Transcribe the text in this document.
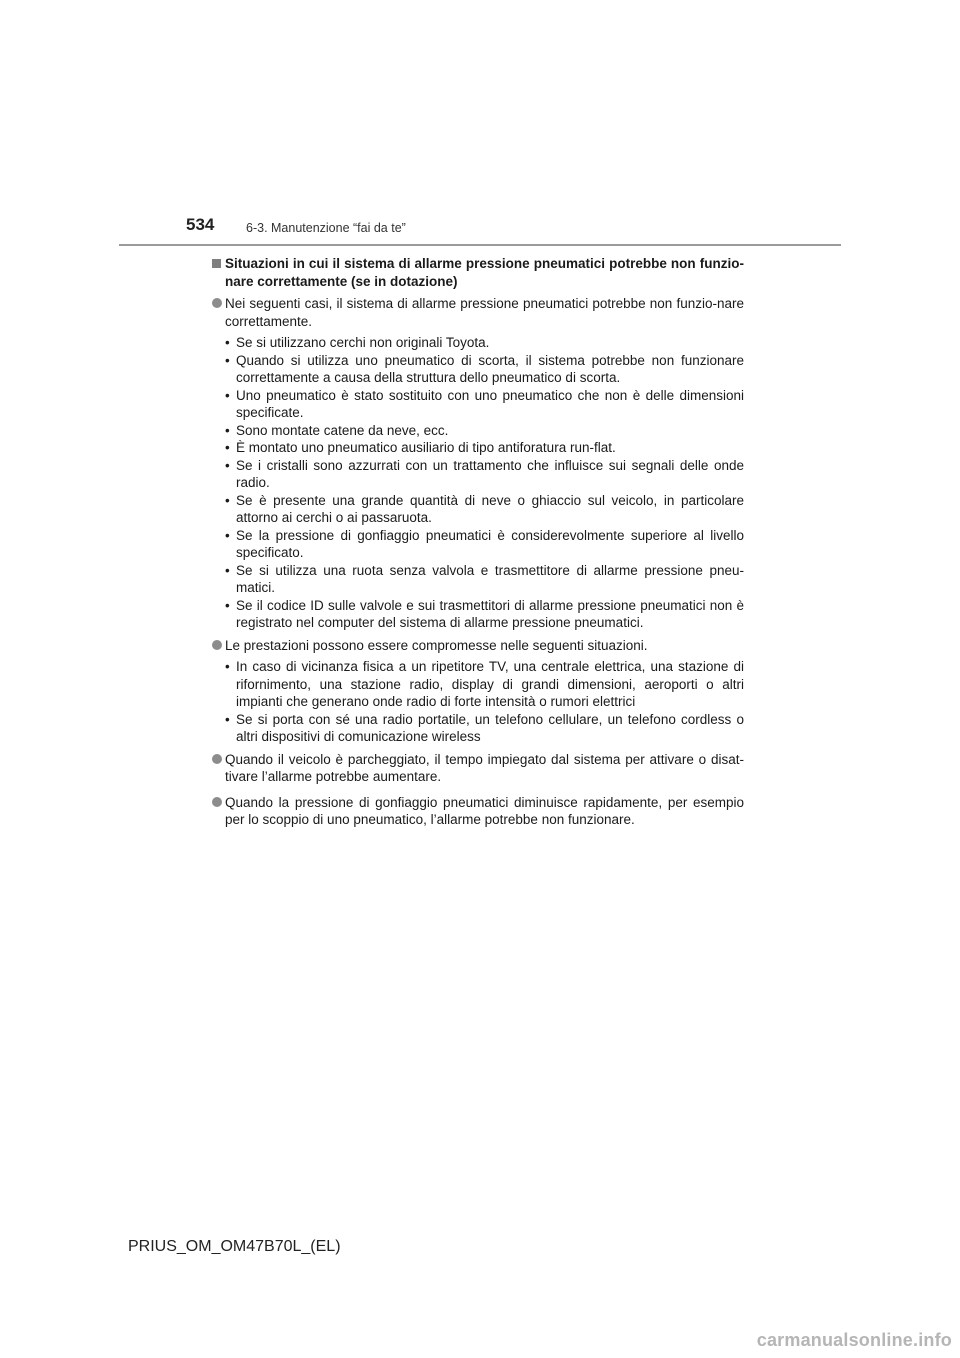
534	6-3. Manutenzione “fai da te”
Situazioni in cui il sistema di allarme pressione pneumatici potrebbe non funzio-nare correttamente (se in dotazione)
Nei seguenti casi, il sistema di allarme pressione pneumatici potrebbe non funzio-nare correttamente.
• Se si utilizzano cerchi non originali Toyota.
• Quando si utilizza uno pneumatico di scorta, il sistema potrebbe non funzionare correttamente a causa della struttura dello pneumatico di scorta.
• Uno pneumatico è stato sostituito con uno pneumatico che non è delle dimensioni specificate.
• Sono montate catene da neve, ecc.
• È montato uno pneumatico ausiliario di tipo antiforatura run-flat.
• Se i cristalli sono azzurrati con un trattamento che influisce sui segnali delle onde radio.
• Se è presente una grande quantità di neve o ghiaccio sul veicolo, in particolare attorno ai cerchi o ai passaruota.
• Se la pressione di gonfiaggio pneumatici è considerevolmente superiore al livello specificato.
• Se si utilizza una ruota senza valvola e trasmettitore di allarme pressione pneu-matici.
• Se il codice ID sulle valvole e sui trasmettitori di allarme pressione pneumatici non è registrato nel computer del sistema di allarme pressione pneumatici.
Le prestazioni possono essere compromesse nelle seguenti situazioni.
• In caso di vicinanza fisica a un ripetitore TV, una centrale elettrica, una stazione di rifornimento, una stazione radio, display di grandi dimensioni, aeroporti o altri impianti che generano onde radio di forte intensità o rumori elettrici
• Se si porta con sé una radio portatile, un telefono cellulare, un telefono cordless o altri dispositivi di comunicazione wireless
Quando il veicolo è parcheggiato, il tempo impiegato dal sistema per attivare o disat-tivare l’allarme potrebbe aumentare.
Quando la pressione di gonfiaggio pneumatici diminuisce rapidamente, per esempio per lo scoppio di uno pneumatico, l’allarme potrebbe non funzionare.
PRIUS_OM_OM47B70L_(EL)
carmanualsonline.info
